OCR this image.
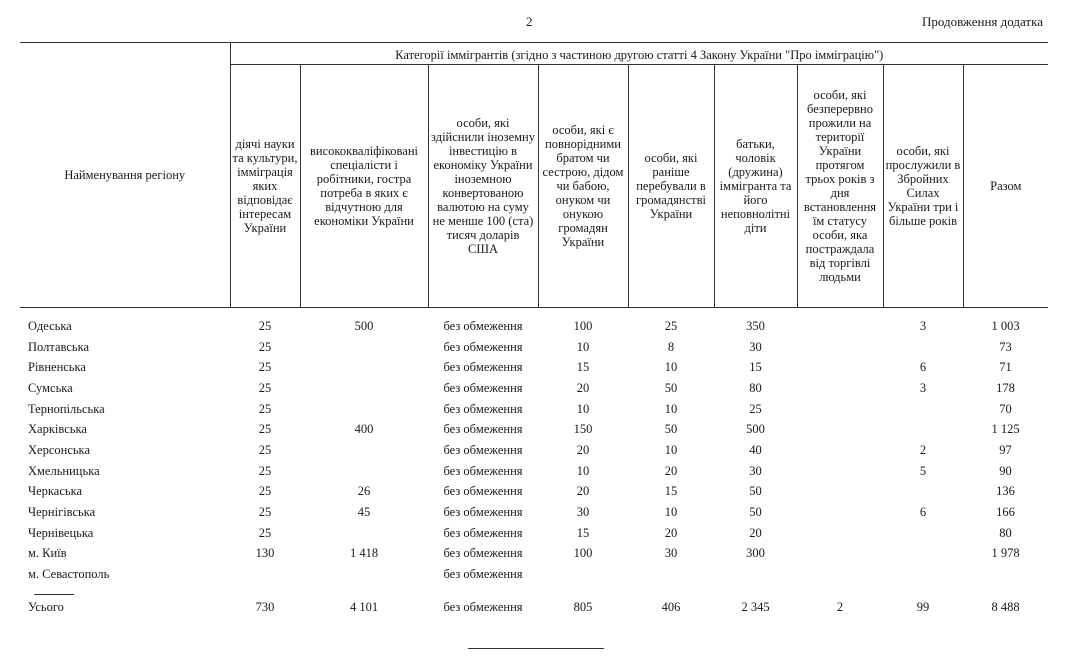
2	Продовження додатка
Найменування регіону	Категорії іммігрантів (згідно з частиною другою статті 4 Закону України "Про імміграцію")								
	діячі науки та культури, імміграція яких відповідає інтересам України	висококваліфіковані спеціалісти і робітники, гостра потреба в яких є відчутною для економіки України	особи, які здійснили іноземну інвестицію в економіку України іноземною конвертованою валютою на суму не менше 100 (ста) тисяч доларів США	особи, які є повнорідними братом чи сестрою, дідом чи бабою, онуком чи онукою громадян України	особи, які раніше перебували в громадянстві України	батьки, чоловік (дружина) іммігранта та його неповнолітні діти	особи, які безперервно прожили на території України протягом трьох років з дня встановлення їм статусу особи, яка постраждала від торгівлі людьми	особи, які прослужили в Збройних Силах України три і більше років	Разом

Одеська	25	500	без обмеження	100	25	350		3	1 003
Полтавська	25		без обмеження	10	8	30			73
Рівненська	25		без обмеження	15	10	15		6	71
Сумська	25		без обмеження	20	50	80		3	178
Тернопільська	25		без обмеження	10	10	25			70
Харківська	25	400	без обмеження	150	50	500			1 125
Херсонська	25		без обмеження	20	10	40		2	97
Хмельницька	25		без обмеження	10	20	30		5	90
Черкаська	25	26	без обмеження	20	15	50			136
Чернігівська	25	45	без обмеження	30	10	50		6	166
Чернівецька	25		без обмеження	15	20	20			80
м. Київ	130	1 418	без обмеження	100	30	300			1 978
м. Севастополь			без обмеження						
Усього	730	4 101	без обмеження	805	406	2 345	2	99	8 488
